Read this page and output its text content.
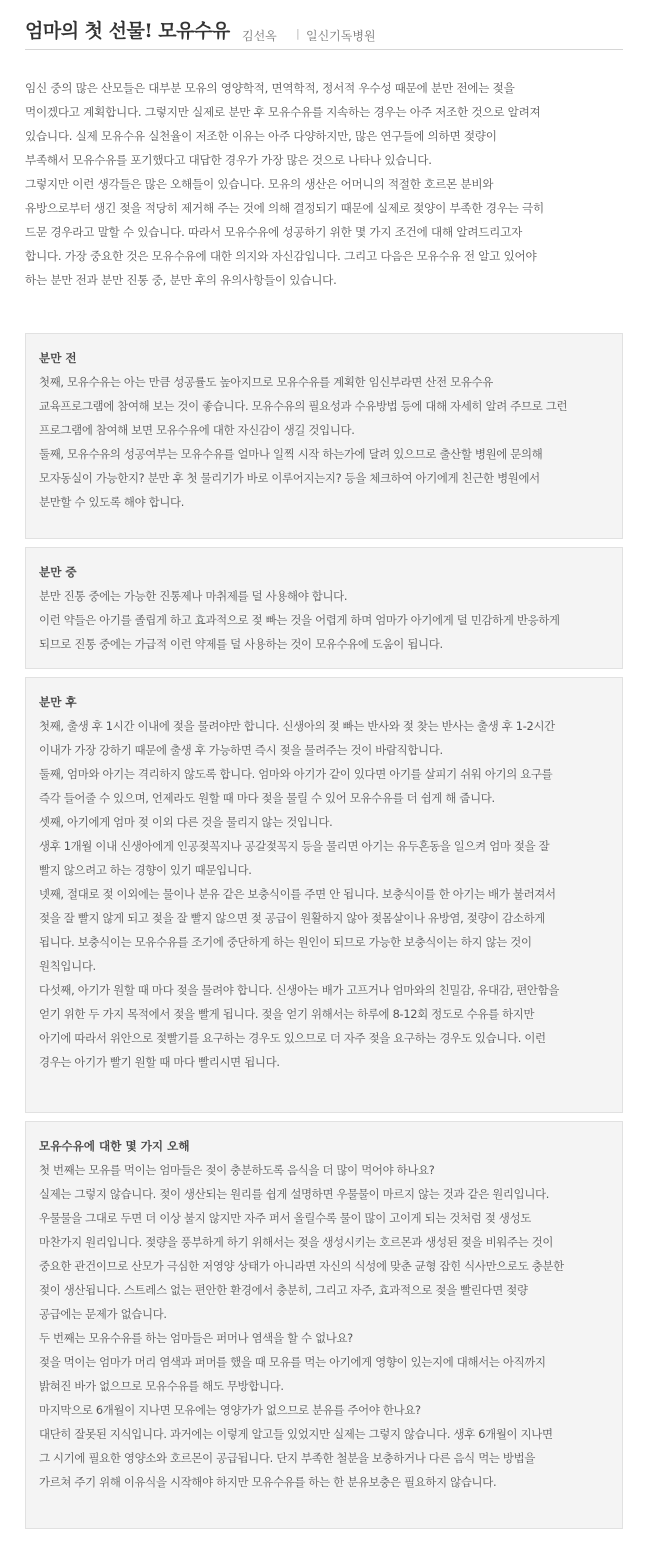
엄마의 첫 선물! 모유수유 김선옥 | 일신기독병원

임신 중의 많은 산모들은 대부분 모유의 영양학적, 면역학적, 정서적 우수성 때문에 분만 전에는 젖을

먹이겠다고 계획합니다. 그렇지만 실제로 분만 후 모유수유를 지속하는 경우는 아주 저조한 것으로 알려져

있습니다. 실제 모유수유 실천율이 저조한 이유는 아주 다양하지만, 많은 연구들에 의하면 젖량이

부족해서 모유수유를 포기했다고 대답한 경우가 가장 많은 것으로 나타나 있습니다.

그렇지만 이런 생각들은 많은 오해들이 있습니다. 모유의 생산은 어머니의 적절한 호르몬 분비와

유방으로부터 생긴 젖을 적당히 제거해 주는 것에 의해 결정되기 때문에 실제로 젖양이 부족한 경우는 극히

드문 경우라고 말할 수 있습니다. 따라서 모유수유에 성공하기 위한 몇 가지 조건에 대해 알려드리고자

합니다. 가장 중요한 것은 모유수유에 대한 의지와 자신감입니다. 그리고 다음은 모유수유 전 알고 있어야

하는 분만 전과 분만 진통 중, 분만 후의 유의사항들이 있습니다.

분만 전

첫째, 모유수유는 아는 만큼 성공률도 높아지므로 모유수유를 계획한 임신부라면 산전 모유수유

교육프로그램에 참여해 보는 것이 좋습니다. 모유수유의 필요성과 수유방법 등에 대해 자세히 알려 주므로 그런

프로그램에 참여해 보면 모유수유에 대한 자신감이 생길 것입니다.

둘째, 모유수유의 성공여부는 모유수유를 얼마나 일찍 시작 하는가에 달려 있으므로 출산할 병원에 문의해

모자동실이 가능한지? 분만 후 첫 물리기가 바로 이루어지는지? 등을 체크하여 아기에게 친근한 병원에서

분만할 수 있도록 해야 합니다.

분만 중

분만 진통 중에는 가능한 진통제나 마취제를 덜 사용해야 합니다.

이런 약들은 아기를 졸립게 하고 효과적으로 젖 빠는 것을 어렵게 하며 엄마가 아기에게 덜 민감하게 반응하게

되므로 진통 중에는 가급적 이런 약제를 덜 사용하는 것이 모유수유에 도움이 됩니다.

분만 후

첫째, 출생 후 1시간 이내에 젖을 물려야만 합니다. 신생아의 젖 빠는 반사와 젖 찾는 반사는 출생 후 1-2시간

이내가 가장 강하기 때문에 출생 후 가능하면 즉시 젖을 물려주는 것이 바람직합니다.

둘째, 엄마와 아기는 격리하지 않도록 합니다. 엄마와 아기가 같이 있다면 아기를 살피기 쉬워 아기의 요구를

즉각 들어줄 수 있으며, 언제라도 원할 때 마다 젖을 물릴 수 있어 모유수유를 더 쉽게 해 줍니다.

셋째, 아기에게 엄마 젖 이외 다른 것을 물리지 않는 것입니다.

생후 1개월 이내 신생아에게 인공젖꼭지나 공갈젖꼭지 등을 물리면 아기는 유두혼동을 일으켜 엄마 젖을 잘

빨지 않으려고 하는 경향이 있기 때문입니다.

넷째, 절대로 젖 이외에는 물이나 분유 같은 보충식이를 주면 안 됩니다. 보충식이를 한 아기는 배가 불러져서

젖을 잘 빨지 않게 되고 젖을 잘 빨지 않으면 젖 공급이 원활하지 않아 젖몸살이나 유방염, 젖량이 감소하게

됩니다. 보충식이는 모유수유를 조기에 중단하게 하는 원인이 되므로 가능한 보충식이는 하지 않는 것이

원칙입니다.

다섯째, 아기가 원할 때 마다 젖을 물려야 합니다. 신생아는 배가 고프거나 엄마와의 친밀감, 유대감, 편안함을

얻기 위한 두 가지 목적에서 젖을 빨게 됩니다. 젖을 얻기 위해서는 하루에 8-12회 정도로 수유를 하지만

아기에 따라서 위안으로 젖빨기를 요구하는 경우도 있으므로 더 자주 젖을 요구하는 경우도 있습니다. 이런

경우는 아기가 빨기 원할 때 마다 빨리시면 됩니다.

모유수유에 대한 몇 가지 오해

첫 번째는 모유를 먹이는 엄마들은 젖이 충분하도록 음식을 더 많이 먹어야 하나요?

실제는 그렇지 않습니다. 젖이 생산되는 원리를 쉽게 설명하면 우물물이 마르지 않는 것과 같은 원리입니다.

우물물을 그대로 두면 더 이상 불지 않지만 자주 퍼서 올릴수록 물이 많이 고이게 되는 것처럼 젖 생성도

마찬가지 원리입니다. 젖량을 풍부하게 하기 위해서는 젖을 생성시키는 호르몬과 생성된 젖을 비워주는 것이

중요한 관건이므로 산모가 극심한 저영양 상태가 아니라면 자신의 식성에 맞춘 균형 잡힌 식사만으로도 충분한

젖이 생산됩니다. 스트레스 없는 편안한 환경에서 충분히, 그리고 자주, 효과적으로 젖을 빨린다면 젖량

공급에는 문제가 없습니다.

두 번째는 모유수유를 하는 엄마들은 퍼머나 염색을 할 수 없나요?

젖을 먹이는 엄마가 머리 염색과 퍼머를 했을 때 모유를 먹는 아기에게 영향이 있는지에 대해서는 아직까지

밝혀진 바가 없으므로 모유수유를 해도 무방합니다.

마지막으로 6개월이 지나면 모유에는 영양가가 없으므로 분유를 주어야 한나요?

대단히 잘못된 지식입니다. 과거에는 이렇게 알고들 있었지만 실제는 그렇지 않습니다. 생후 6개월이 지나면

그 시기에 필요한 영양소와 호르몬이 공급됩니다. 단지 부족한 철분을 보충하거나 다른 음식 먹는 방법을

가르쳐 주기 위해 이유식을 시작해야 하지만 모유수유를 하는 한 분유보충은 필요하지 않습니다.
